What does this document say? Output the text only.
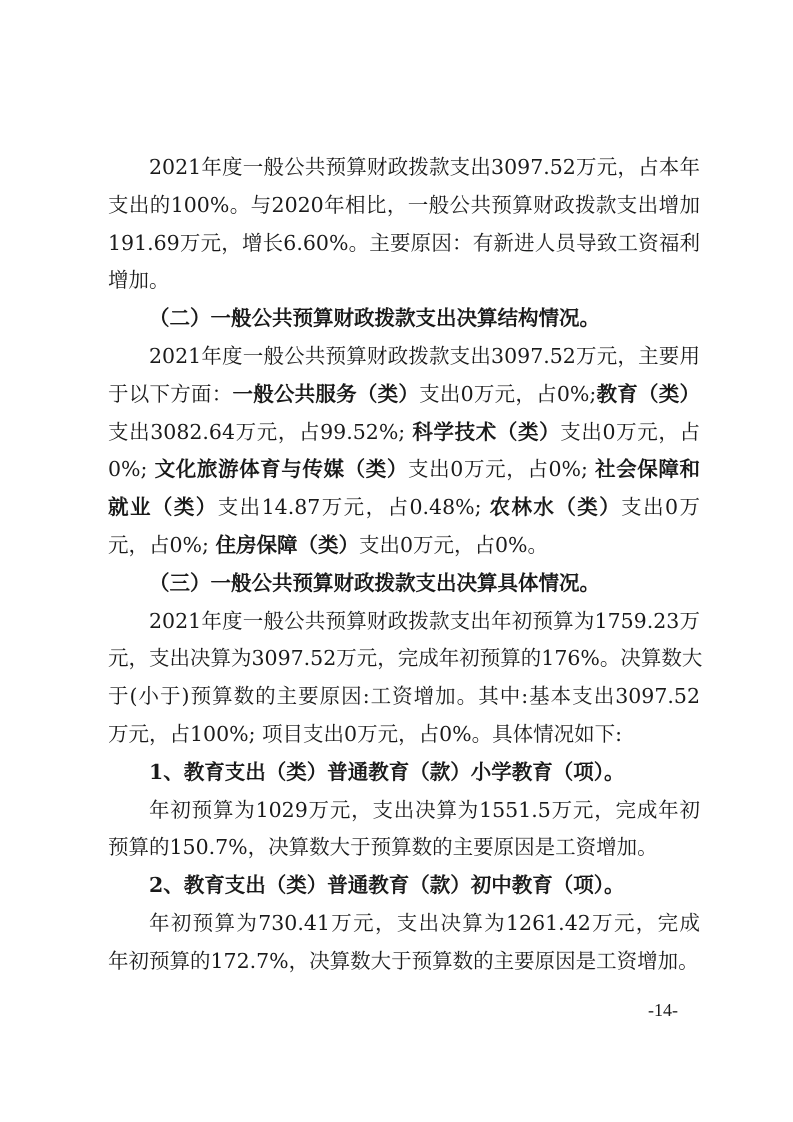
2021年度一般公共预算财政拨款支出3097.52万元，占本年
支出的100%。与2020年相比，一般公共预算财政拨款支出增加
191.69万元，增长6.60%。主要原因：有新进人员导致工资福利
增加。
（二）一般公共预算财政拨款支出决算结构情况。
2021年度一般公共预算财政拨款支出3097.52万元，主要用
于以下方面：一般公共服务（类）支出0万元，占0%;教育（类）
支出3082.64万元，占99.52%; 科学技术（类）支出0万元，占
0%; 文化旅游体育与传媒（类）支出0万元，占0%; 社会保障和
就业（类）支出14.87万元，占0.48%; 农林水（类）支出0万
元，占0%; 住房保障（类）支出0万元，占0%。
（三）一般公共预算财政拨款支出决算具体情况。
2021年度一般公共预算财政拨款支出年初预算为1759.23万
元，支出决算为3097.52万元，完成年初预算的176%。决算数大
于(小于)预算数的主要原因:工资增加。其中:基本支出3097.52
万元，占100%; 项目支出0万元，占0%。具体情况如下:
1、教育支出（类）普通教育（款）小学教育（项）。
年初预算为1029万元，支出决算为1551.5万元，完成年初
预算的150.7%，决算数大于预算数的主要原因是工资增加。
2、教育支出（类）普通教育（款）初中教育（项）。
年初预算为730.41万元，支出决算为1261.42万元，完成
年初预算的172.7%，决算数大于预算数的主要原因是工资增加。
-14-
